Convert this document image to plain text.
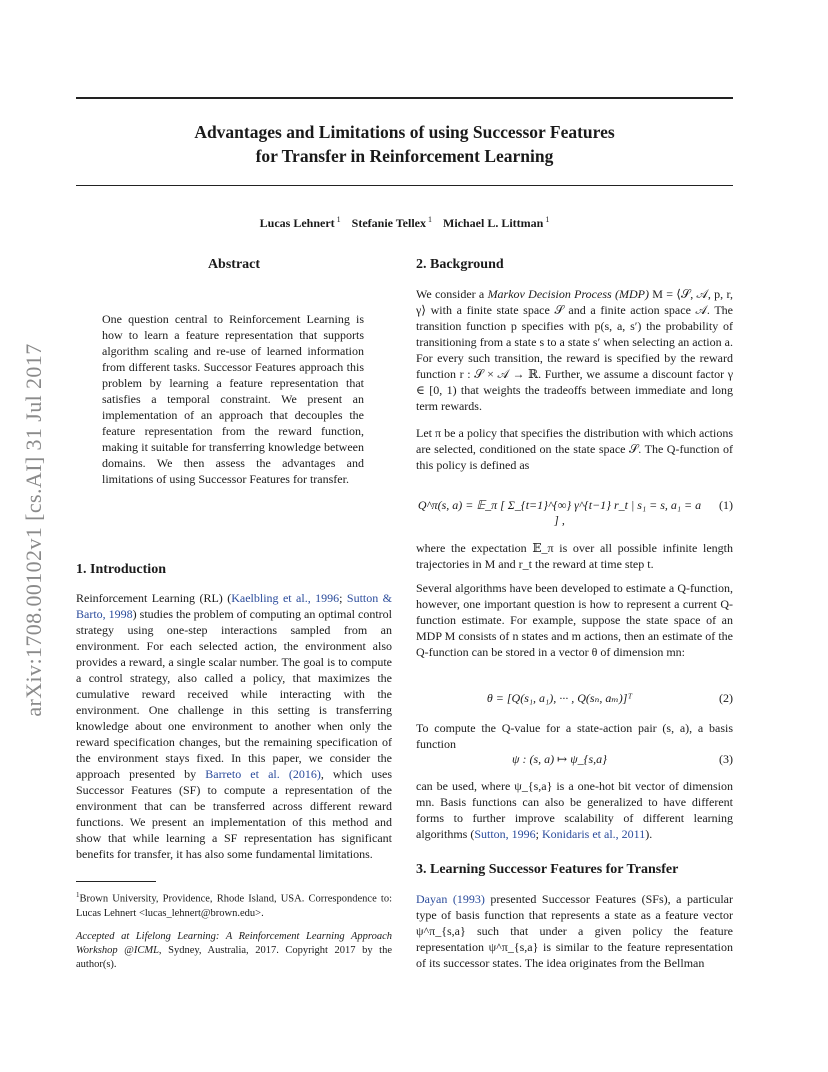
Advantages and Limitations of using Successor Features
for Transfer in Reinforcement Learning
Lucas Lehnert $^1$ Stefanie Tellex $^1$ Michael L. Littman $^1$
arXiv:1708.00102v1 [cs.AI] 31 Jul 2017
Abstract
One question central to Reinforcement Learning is how to learn a feature representation that supports algorithm scaling and re-use of learned information from different tasks. Successor Features approach this problem by learning a feature representation that satisfies a temporal constraint. We present an implementation of an approach that decouples the feature representation from the reward function, making it suitable for transferring knowledge between domains. We then assess the advantages and limitations of using Successor Features for transfer.
1. Introduction

Reinforcement Learning (RL) (Kaelbling et al., 1996; Sutton & Barto, 1998) studies the problem of computing an optimal control strategy using one-step interactions sampled from an environment. For each selected action, the environment also provides a reward, a single scalar number. The goal is to compute a control strategy, also called a policy, that maximizes the cumulative reward received while interacting with the environment. One challenge in this setting is transferring knowledge about one environment to another when only the reward specification changes, but the remaining specification of the environment stays fixed. In this paper, we consider the approach presented by Barreto et al. (2016), which uses Successor Features (SF) to compute a representation of the environment that can be transferred across different reward functions. We present an implementation of this method and show that while learning a SF representation has significant benefits for transfer, it has also some fundamental limitations.

$^1$Brown University, Providence, Rhode Island, USA. Correspondence to: Lucas Lehnert <lucas_lehnert@brown.edu>.
Accepted at Lifelong Learning: A Reinforcement Learning Approach Workshop @ICML, Sydney, Australia, 2017. Copyright 2017 by the author(s).
2. Background

We consider a Markov Decision Process (MDP) M = ⟨𝒮, 𝒜, p, r, γ⟩ with a finite state space 𝒮 and a finite action space 𝒜. The transition function p specifies with p(s, a, s′) the probability of transitioning from a state s to a state s′ when selecting an action a. For every such transition, the reward is specified by the reward function r : 𝒮 × 𝒜 → ℝ. Further, we assume a discount factor γ ∈ [0, 1) that weights the tradeoffs between immediate and long term rewards.

Let π be a policy that specifies the distribution with which actions are selected, conditioned on the state space 𝒮. The Q-function of this policy is defined as
Q^π(s, a) = 𝔼_π [ Σ_{t=1}^{∞} γ^{t−1} r_t | s₁ = s, a₁ = a ] ,
(1)
where the expectation 𝔼_π is over all possible infinite length trajectories in M and r_t the reward at time step t.
Several algorithms have been developed to estimate a Q-function, however, one important question is how to represent a current Q-function estimate. For example, suppose the state space of an MDP M consists of n states and m actions, then an estimate of the Q-function can be stored in a vector θ of dimension mn:
θ = [Q(s₁, a₁), ··· , Q(sₙ, aₘ)]ᵀ	(2)
To compute the Q-value for a state-action pair (s, a), a basis function
ψ : (s, a) ↦ ψ_{s,a}	(3)

can be used, where ψ_{s,a} is a one-hot bit vector of dimension mn. Basis functions can also be generalized to have different forms to further improve scalability of different learning algorithms (Sutton, 1996; Konidaris et al., 2011).

3. Learning Successor Features for Transfer

Dayan (1993) presented Successor Features (SFs), a particular type of basis function that represents a state as a feature vector ψ^π_{s,a} such that under a given policy the feature representation ψ^π_{s,a} is similar to the feature representation of its successor states. The idea originates from the Bellman
